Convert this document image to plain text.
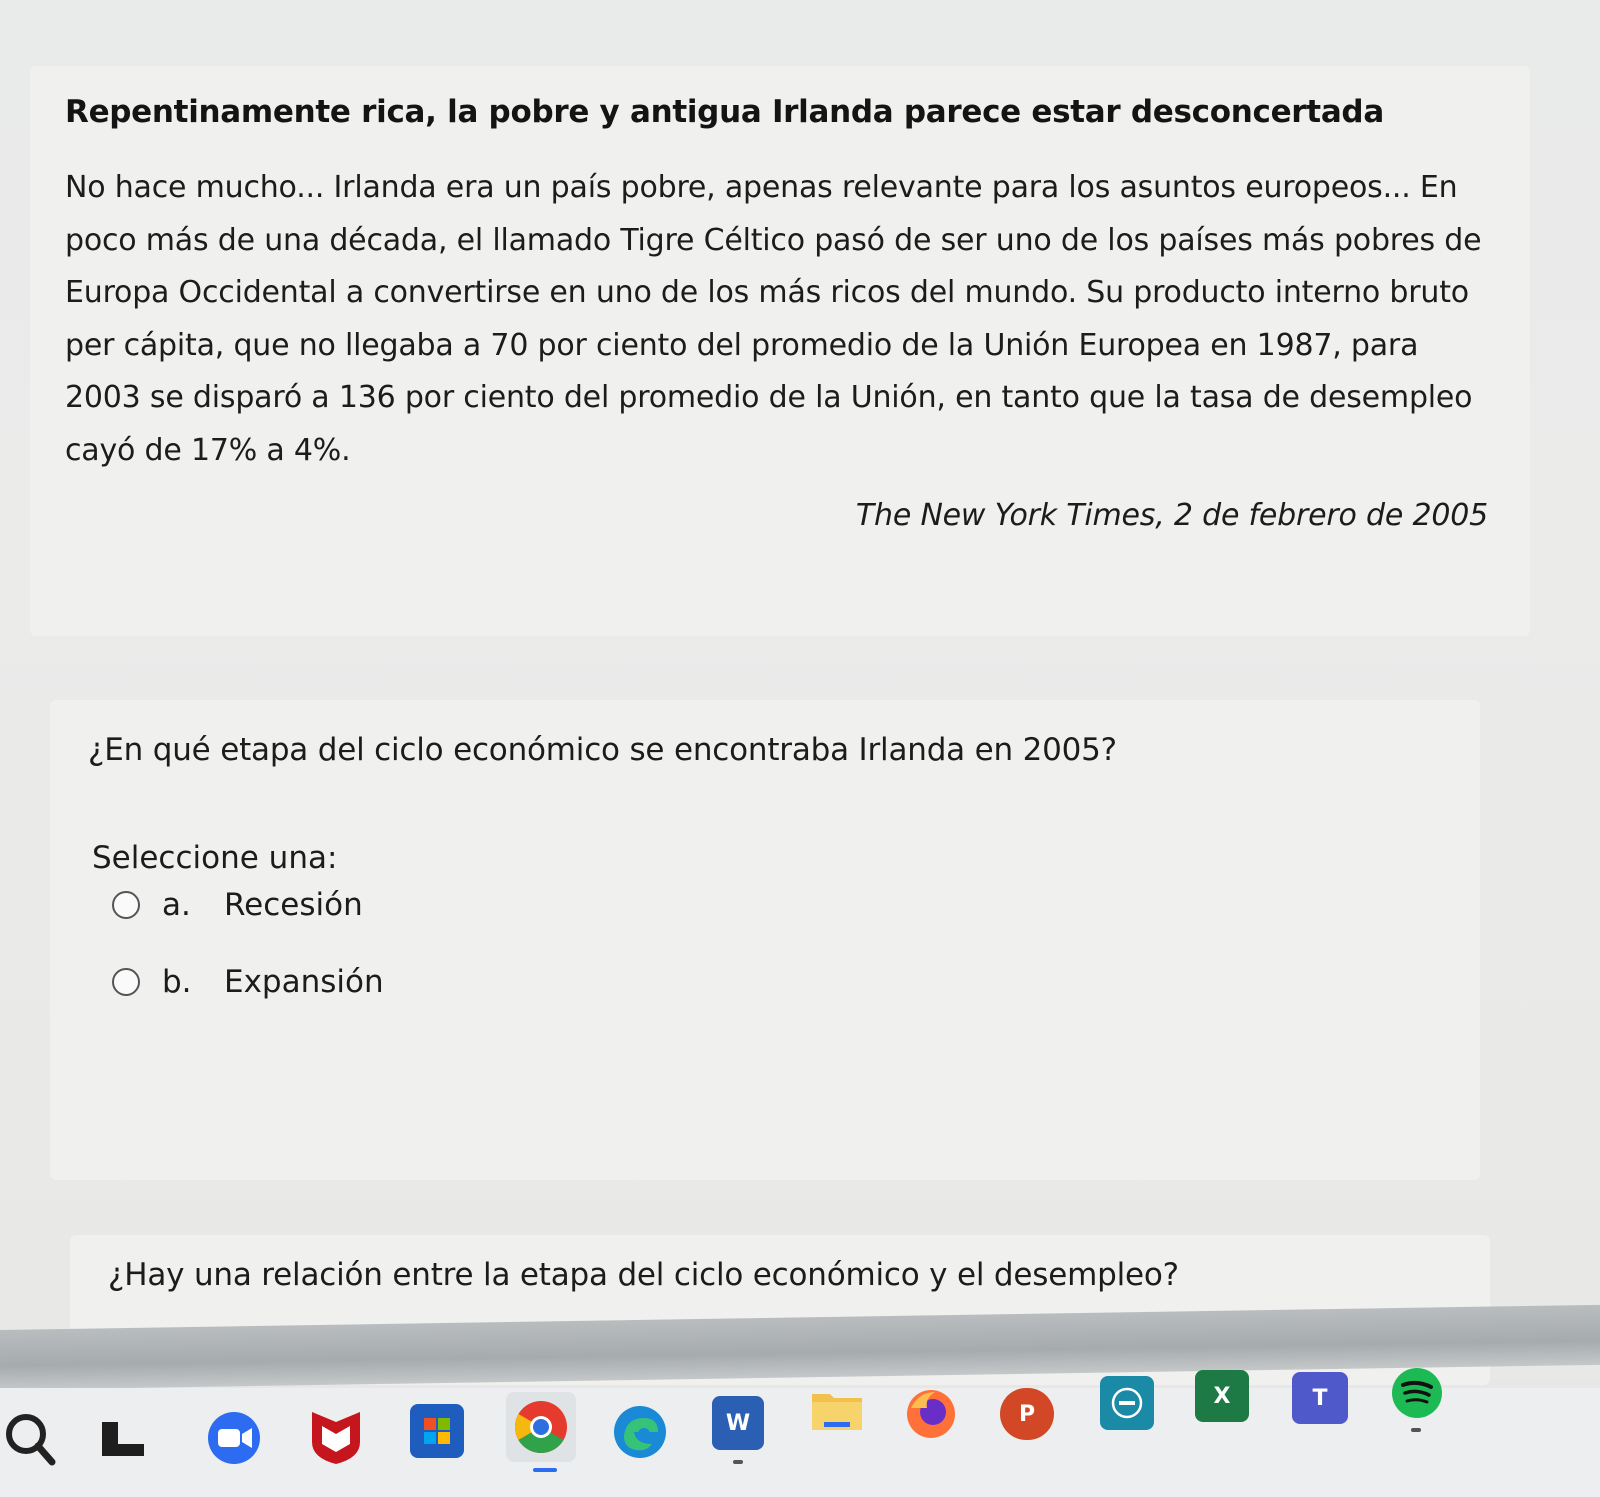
Repentinamente rica, la pobre y antigua Irlanda parece estar desconcertada

No hace mucho... Irlanda era un país pobre, apenas relevante para los asuntos europeos... En poco más de una década, el llamado Tigre Céltico pasó de ser uno de los países más pobres de Europa Occidental a convertirse en uno de los más ricos del mundo. Su producto interno bruto per cápita, que no llegaba a 70 por ciento del promedio de la Unión Europea en 1987, para 2003 se disparó a 136 por ciento del promedio de la Unión, en tanto que la tasa de desempleo cayó de 17% a 4%.

The New York Times, 2 de febrero de 2005

¿En qué etapa del ciclo económico se encontraba Irlanda en 2005?

Seleccione una:

a.	Recesión
b.	Expansión

¿Hay una relación entre la etapa del ciclo económico y el desempleo?

W	P
X	T
